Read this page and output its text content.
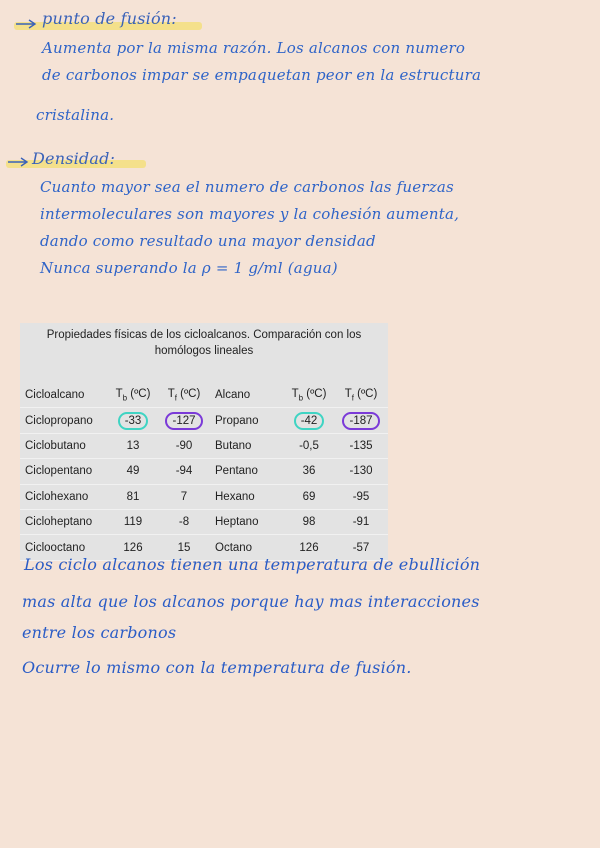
punto de fusión:
Aumenta por la misma razón. Los alcanos con numero
de carbonos impar se empaquetan peor en la estructura
cristalina.
Densidad:
Cuanto mayor sea el numero de carbonos las fuerzas
intermoleculares son mayores y la cohesión aumenta,
dando como resultado una mayor densidad
Nunca superando la ρ = 1 g/ml (agua)
Propiedades físicas de los cicloalcanos. Comparación con los homólogos lineales
Cicloalcano	$T_b$ (ºC)	$T_f$ (ºC)	Alcano	$T_b$ (ºC)	$T_f$ (ºC)
Ciclopropano	-33	-127	Propano	-42	-187
Ciclobutano	13	-90	Butano	-0,5	-135
Ciclopentano	49	-94	Pentano	36	-130
Ciclohexano	81	7	Hexano	69	-95
Cicloheptano	119	-8	Heptano	98	-91
Ciclooctano	126	15	Octano	126	-57
Los ciclo alcanos tienen una temperatura de ebullición
mas alta que los alcanos porque hay mas interacciones
entre los carbonos
Ocurre lo mismo con la temperatura de fusión.
